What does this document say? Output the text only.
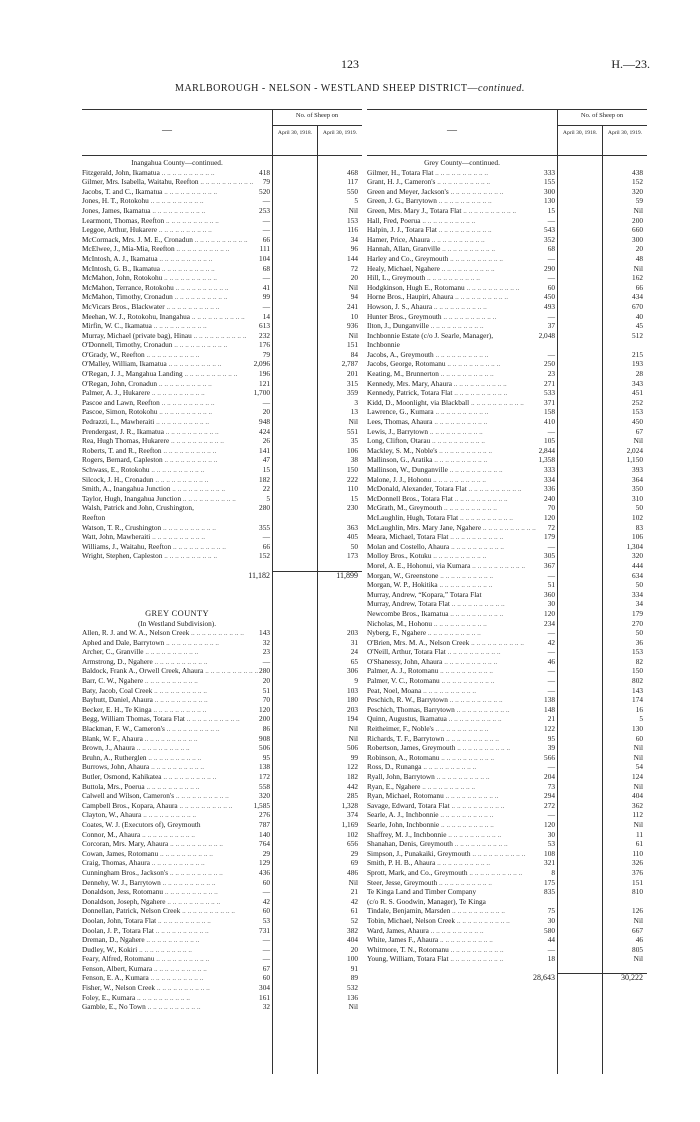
123	H.—23.
MARLBOROUGH - NELSON - WESTLAND SHEEP DISTRICT—continued.
—
No. of Sheep on
April 30, 1918.	April 30, 1919.
Inangahua County—continued.
Fitzgerald, John, Ikamatua .. .. .. .. .. .. .. .. .. ..	418	468
Gilmer, Mrs. Isabella, Waitahu, Reefton .. .. .. .. .. .. .. .. .. ..	79	117
Jacobs, T. and C., Ikamatua .. .. .. .. .. .. .. .. .. ..	520	550
Jones, H. T., Rotokohu .. .. .. .. .. .. .. .. .. ..	—	5
Jones, James, Ikamatua .. .. .. .. .. .. .. .. .. ..	253	Nil
Learmont, Thomas, Reefton .. .. .. .. .. .. .. .. .. ..	—	153
Leggoe, Arthur, Hukarere .. .. .. .. .. .. .. .. .. ..	—	116
McCormack, Mrs. J. M. E., Cronadun .. .. .. .. .. .. .. .. .. ..	66	34
McElwee, J., Mia-Mia, Reefton .. .. .. .. .. .. .. .. .. ..	111	96
McIntosh, A. J., Ikamatua .. .. .. .. .. .. .. .. .. ..	104	144
McIntosh, G. B., Ikamatua .. .. .. .. .. .. .. .. .. ..	68	72
McMahon, John, Rotokohu .. .. .. .. .. .. .. .. .. ..	—	20
McMahon, Terrance, Rotokohu .. .. .. .. .. .. .. .. .. ..	41	Nil
McMahon, Timothy, Cronadun .. .. .. .. .. .. .. .. .. ..	99	94
McVicars Bros., Blackwater .. .. .. .. .. .. .. .. .. ..	—	241
Meehan, W. J., Rotokohu, Inangahua .. .. .. .. .. .. .. .. .. ..	14	10
Mirfin, W. C., Ikamatua .. .. .. .. .. .. .. .. .. ..	613	936
Murray, Michael (private bag), Hinau .. .. .. .. .. .. .. .. .. ..	232	Nil
O'Donnell, Timothy, Cronadun .. .. .. .. .. .. .. .. .. ..	176	151
O'Grady, W., Reefton .. .. .. .. .. .. .. .. .. ..	79	84
O'Malley, William, Ikamatua .. .. .. .. .. .. .. .. .. ..	2,096	2,787
O'Regan, J. J., Mangahua Landing .. .. .. .. .. .. .. .. .. ..	196	201
O'Regan, John, Cronadun .. .. .. .. .. .. .. .. .. ..	121	315
Palmer, A. J., Hukarere .. .. .. .. .. .. .. .. .. ..	1,700	359
Pascoe and Lawn, Reefton .. .. .. .. .. .. .. .. .. ..	—	3
Pascoe, Simon, Rotokohu .. .. .. .. .. .. .. .. .. ..	20	13
Pedrazzi, L., Mawheraiti .. .. .. .. .. .. .. .. .. ..	948	Nil
Prendergast, J. R., Ikamatua .. .. .. .. .. .. .. .. .. ..	424	551
Rea, Hugh Thomas, Hukarere .. .. .. .. .. .. .. .. .. ..	26	35
Roberts, T. and R., Reefton .. .. .. .. .. .. .. .. .. ..	141	106
Rogers, Bernard, Capleston .. .. .. .. .. .. .. .. .. ..	47	38
Schwass, E., Rotokohu .. .. .. .. .. .. .. .. .. ..	15	150
Silcock, J. H., Cronadun .. .. .. .. .. .. .. .. .. ..	182	222
Smith, A., Inangahua Junction .. .. .. .. .. .. .. .. .. ..	22	110
Taylor, Hugh, Inangahua Junction .. .. .. .. .. .. .. .. .. ..	5	15
Walsh, Patrick and John, Crushington,	280	230
Reefton
Watson, T. R., Crushington .. .. .. .. .. .. .. .. .. ..	355	363
Watt, John, Mawheraiti .. .. .. .. .. .. .. .. .. ..	—	405
Williams, J., Waitahu, Reefton .. .. .. .. .. .. .. .. .. ..	66	50
Wright, Stephen, Capleston .. .. .. .. .. .. .. .. .. ..	152	173
11,182	11,899
GREY COUNTY
(In Westland Subdivision).
Allen, R. J. and W. A., Nelson Creek .. .. .. .. .. .. .. .. .. ..	143	203
Aphed and Dale, Barrytown .. .. .. .. .. .. .. .. .. ..	32	31
Archer, C., Granville .. .. .. .. .. .. .. .. .. ..	23	24
Armstrong, D., Ngahere .. .. .. .. .. .. .. .. .. ..	—	65
Baldock, Frank A., Orwell Creek, Ahaura .. .. .. .. .. .. .. .. .. .. 280	306
Barr, C. W., Ngahere .. .. .. .. .. .. .. .. .. ..	20	9
Baty, Jacob, Coal Creek .. .. .. .. .. .. .. .. .. ..	51	103
Bayhutt, Daniel, Ahaura .. .. .. .. .. .. .. .. .. ..	70	180
Becker, E. H., Te Kinga .. .. .. .. .. .. .. .. .. ..	120	203
Begg, William Thomas, Totara Flat .. .. .. .. .. .. .. .. .. ..	200	194
Blackman, F. W., Cameron's .. .. .. .. .. .. .. .. .. ..	86	Nil
Blank, W. F., Ahaura .. .. .. .. .. .. .. .. .. ..	908	Nil
Brown, J., Ahaura .. .. .. .. .. .. .. .. .. ..	506	506
Bruhn, A., Rutherglen .. .. .. .. .. .. .. .. .. ..	95	99
Burrows, John, Ahaura .. .. .. .. .. .. .. .. .. ..	138	122
Butler, Osmond, Kahikatea .. .. .. .. .. .. .. .. .. ..	172	182
Buttola, Mrs., Poerua .. .. .. .. .. .. .. .. .. ..	558	442
Calwell and Wilson, Cameron's .. .. .. .. .. .. .. .. .. ..	320	285
Campbell Bros., Kopara, Ahaura .. .. .. .. .. .. .. .. .. ..	1,585	1,328
Clayton, W., Ahaura .. .. .. .. .. .. .. .. .. ..	276	374
Coates, W. J. (Executors of), Greymouth	787	1,169
Connor, M., Ahaura .. .. .. .. .. .. .. .. .. ..	140	102
Corcoran, Mrs. Mary, Ahaura .. .. .. .. .. .. .. .. .. ..	764	656
Cowan, James, Rotomanu .. .. .. .. .. .. .. .. .. ..	29	29
Craig, Thomas, Ahaura .. .. .. .. .. .. .. .. .. ..	129	69
Cunningham Bros., Jackson's .. .. .. .. .. .. .. .. .. ..	436	486
Dennehy, W. J., Barrytown .. .. .. .. .. .. .. .. .. ..	60	Nil
Donaldson, Jess, Rotomanu .. .. .. .. .. .. .. .. .. ..	—	21
Donaldson, Joseph, Ngahere .. .. .. .. .. .. .. .. .. ..	42	42
Donnellan, Patrick, Nelson Creek .. .. .. .. .. .. .. .. .. ..	60	61
Doolan, John, Totara Flat .. .. .. .. .. .. .. .. .. ..	53	52
Doolan, J. P., Totara Flat .. .. .. .. .. .. .. .. .. ..	731	382
Dreman, D., Ngahere .. .. .. .. .. .. .. .. .. ..	—	404
Dudley, W., Kokiri .. .. .. .. .. .. .. .. .. ..	—	20
Feary, Alfred, Rotomanu .. .. .. .. .. .. .. .. .. ..	—	100
Fenson, Albert, Kumara .. .. .. .. .. .. .. .. .. ..	67	91
Fenson, E. A., Kumara .. .. .. .. .. .. .. .. .. ..	60	89
Fisher, W., Nelson Creek .. .. .. .. .. .. .. .. .. ..	304	532
Foley, E., Kumara .. .. .. .. .. .. .. .. .. ..	161	136
Gamble, E., No Town .. .. .. .. .. .. .. .. .. ..	32	Nil
—
No. of Sheep on
April 30, 1918.	April 30, 1919.
Grey County—continued.
Gilmer, H., Totara Flat .. .. .. .. .. .. .. .. .. ..	333	438
Grant, H. J., Cameron's .. .. .. .. .. .. .. .. .. ..	155	152
Green and Meyer, Jackson's .. .. .. .. .. .. .. .. .. ..	300	320
Green, J. G., Barrytown .. .. .. .. .. .. .. .. .. ..	130	59
Green, Mrs. Mary J., Totara Flat .. .. .. .. .. .. .. .. .. ..	15	Nil
Hall, Fred, Poerua .. .. .. .. .. .. .. .. .. ..	—	200
Halpin, J. J., Totara Flat .. .. .. .. .. .. .. .. .. ..	543	660
Hamer, Price, Ahaura .. .. .. .. .. .. .. .. .. ..	352	300
Hannah, Allan, Granville .. .. .. .. .. .. .. .. .. ..	68	20
Harley and Co., Greymouth .. .. .. .. .. .. .. .. .. ..	—	48
Healy, Michael, Ngahere .. .. .. .. .. .. .. .. .. ..	290	Nil
Hill, L., Greymouth .. .. .. .. .. .. .. .. .. ..	—	162
Hodgkinson, Hugh E., Rotomanu .. .. .. .. .. .. .. .. .. ..	60	66
Horne Bros., Haupiri, Ahaura .. .. .. .. .. .. .. .. .. ..	450	434
Howson, J. S., Ahaura .. .. .. .. .. .. .. .. .. ..	493	670
Hunter Bros., Greymouth .. .. .. .. .. .. .. .. .. ..	—	40
Ilton, J., Dunganville .. .. .. .. .. .. .. .. .. ..	37	45
Inchbonnie Estate (c/o J. Searle, Manager),	2,048	512
Inchbonnie
Jacobs, A., Greymouth .. .. .. .. .. .. .. .. .. ..	—	215
Jacobs, George, Rotomanu .. .. .. .. .. .. .. .. .. ..	250	193
Keating, M., Brunnerton .. .. .. .. .. .. .. .. .. ..	23	28
Kennedy, Mrs. Mary, Ahaura .. .. .. .. .. .. .. .. .. ..	271	343
Kennedy, Patrick, Totara Flat .. .. .. .. .. .. .. .. .. ..	533	451
Kidd, D., Moonlight, via Blackball .. .. .. .. .. .. .. .. .. ..	371	252
Lawrence, G., Kumara .. .. .. .. .. .. .. .. .. ..	158	153
Lees, Thomas, Ahaura .. .. .. .. .. .. .. .. .. ..	410	450
Lewis, J., Barrytown .. .. .. .. .. .. .. .. .. ..	—	67
Long, Clifton, Otarau .. .. .. .. .. .. .. .. .. ..	105	Nil
Mackley, S. M., Noble's .. .. .. .. .. .. .. .. .. ..	2,844	2,024
Mallinson, G., Aratika .. .. .. .. .. .. .. .. .. ..	1,358	1,150
Mallinson, W., Dunganville .. .. .. .. .. .. .. .. .. ..	333	393
Malone, J. J., Hohonu .. .. .. .. .. .. .. .. .. ..	334	364
McDonald, Alexander, Totara Flat .. .. .. .. .. .. .. .. .. ..	336	350
McDonnell Bros., Totara Flat .. .. .. .. .. .. .. .. .. ..	240	310
McGrath, M., Greymouth .. .. .. .. .. .. .. .. .. ..	70	50
McLaughlin, Hugh, Totara Flat .. .. .. .. .. .. .. .. .. ..	120	102
McLaughlin, Mrs. Mary Jane, Ngahere .. .. .. .. .. .. .. .. .. ..	72	83
Meara, Michael, Totara Flat .. .. .. .. .. .. .. .. .. ..	179	106
Molan and Costello, Ahaura .. .. .. .. .. .. .. .. .. ..	—	1,304
Molloy Bros., Kotuku .. .. .. .. .. .. .. .. .. ..	305	320
Morel, A. E., Hohonui, via Kumara .. .. .. .. .. .. .. .. .. ..	367	444
Morgan, W., Greenstone .. .. .. .. .. .. .. .. .. ..	—	634
Morgan, W. P., Hokitika .. .. .. .. .. .. .. .. .. ..	51	50
Murray, Andrew, “Kopara,” Totara Flat	360	334
Murray, Andrew, Totara Flat .. .. .. .. .. .. .. .. .. ..	30	34
Newcombe Bros., Ikamatua .. .. .. .. .. .. .. .. .. ..	120	179
Nicholas, M., Hohonu .. .. .. .. .. .. .. .. .. ..	234	270
Nyberg, F., Ngahere .. .. .. .. .. .. .. .. .. ..	—	50
O'Brien, Mrs. M. A., Nelson Creek .. .. .. .. .. .. .. .. .. ..	42	36
O'Neill, Arthur, Totara Flat .. .. .. .. .. .. .. .. .. ..	—	153
O'Shanessy, John, Ahaura .. .. .. .. .. .. .. .. .. ..	46	82
Palmer, A. J., Rotomanu .. .. .. .. .. .. .. .. .. ..	—	150
Palmer, V. C., Rotomanu .. .. .. .. .. .. .. .. .. ..	—	802
Peat, Noel, Moana .. .. .. .. .. .. .. .. .. ..	—	143
Peschich, R. W., Barrytown .. .. .. .. .. .. .. .. .. ..	138	174
Peschich, Thomas, Barrytown .. .. .. .. .. .. .. .. .. ..	148	16
Quinn, Augustus, Ikamatua .. .. .. .. .. .. .. .. .. ..	21	5
Reitheimer, F., Noble's .. .. .. .. .. .. .. .. .. ..	122	130
Richards, T. F., Barrytown .. .. .. .. .. .. .. .. .. ..	95	60
Robertson, James, Greymouth .. .. .. .. .. .. .. .. .. ..	39	Nil
Robinson, A., Rotomanu .. .. .. .. .. .. .. .. .. ..	566	Nil
Ross, D., Runanga .. .. .. .. .. .. .. .. .. ..	—	54
Ryall, John, Barrytown .. .. .. .. .. .. .. .. .. ..	204	124
Ryan, E., Ngahere .. .. .. .. .. .. .. .. .. ..	73	Nil
Ryan, Michael, Rotomanu .. .. .. .. .. .. .. .. .. ..	294	404
Savage, Edward, Totara Flat .. .. .. .. .. .. .. .. .. ..	272	362
Searle, A. J., Inchbonnie .. .. .. .. .. .. .. .. .. ..	—	112
Searle, John, Inchbonnie .. .. .. .. .. .. .. .. .. ..	120	Nil
Shaffrey, M. J., Inchbonnie .. .. .. .. .. .. .. .. .. ..	30	11
Shanahan, Denis, Greymouth .. .. .. .. .. .. .. .. .. ..	53	61
Simpson, J., Punakaiki, Greymouth .. .. .. .. .. .. .. .. .. ..	108	110
Smith, P. H. B., Ahaura .. .. .. .. .. .. .. .. .. ..	321	326
Sprott, Mark, and Co., Greymouth .. .. .. .. .. .. .. .. .. ..	8	376
Steer, Jesse, Greymouth .. .. .. .. .. .. .. .. .. ..	175	151
Te Kinga Land and Timber Company	835	810
(c/o R. S. Goodwin, Manager), Te Kinga
Tindale, Benjamin, Marsden .. .. .. .. .. .. .. .. .. ..	75	126
Tobin, Michael, Nelson Creek .. .. .. .. .. .. .. .. .. ..	30	Nil
Ward, James, Ahaura .. .. .. .. .. .. .. .. .. ..	580	667
White, James F., Ahaura .. .. .. .. .. .. .. .. .. ..	44	46
Whitmore, T. N., Rotomanu .. .. .. .. .. .. .. .. .. ..	—	805
Young, William, Totara Flat .. .. .. .. .. .. .. .. .. ..	18	Nil
28,643	30,222
